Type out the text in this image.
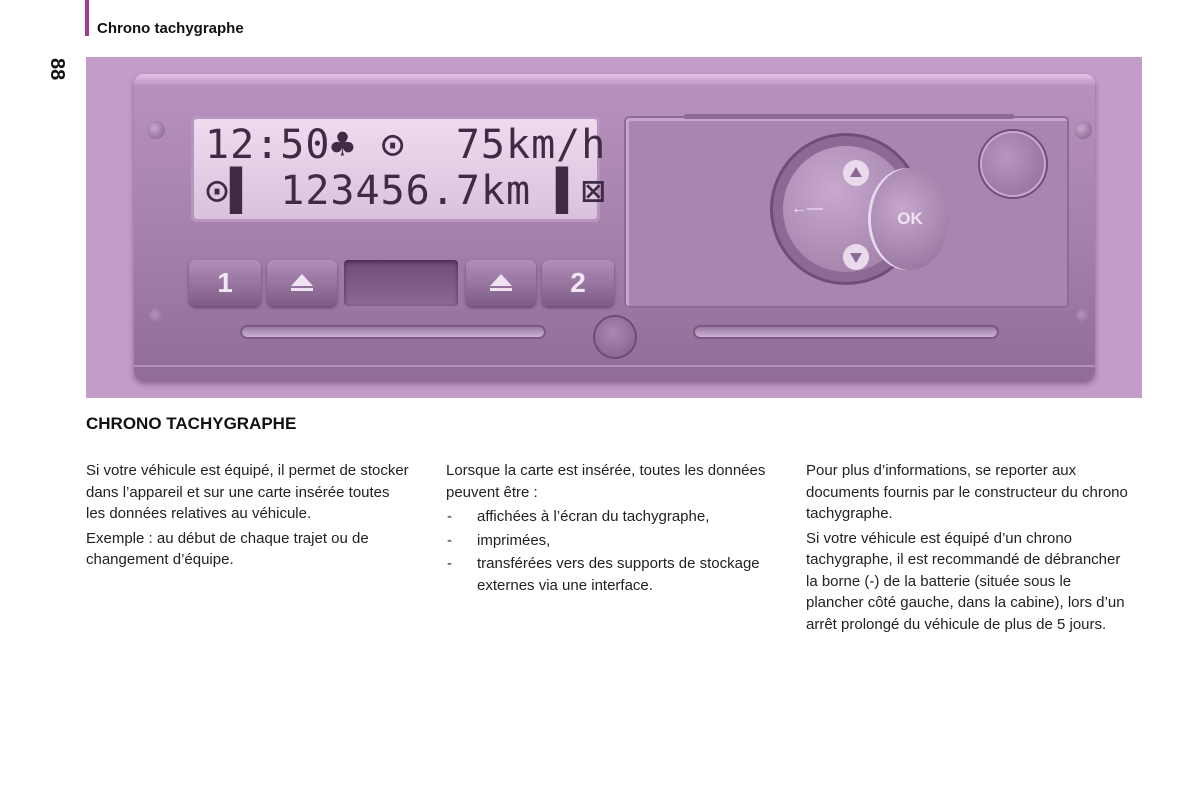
Chrono tachygraphe
88
12:50♣ ⊙  75km/h
⊙▌ 123456.7km ▌⊠
1	2
←—
OK
CHRONO TACHYGRAPHE

Si votre véhicule est équipé, il permet de stocker dans l’appareil et sur une carte insérée toutes les données relatives au véhicule.

Exemple : au début de chaque trajet ou de changement d’équipe.

Lorsque la carte est insérée, toutes les données peuvent être :

- affichées à l’écran du tachygraphe,
- imprimées,
- transférées vers des supports de stockage externes via une interface.

Pour plus d’informations, se reporter aux documents fournis par le constructeur du chrono tachygraphe.

Si votre véhicule est équipé d’un chrono tachygraphe, il est recommandé de débrancher la borne (-) de la batterie (située sous le plancher côté gauche, dans la cabine), lors d’un arrêt prolongé du véhicule de plus de 5 jours.
